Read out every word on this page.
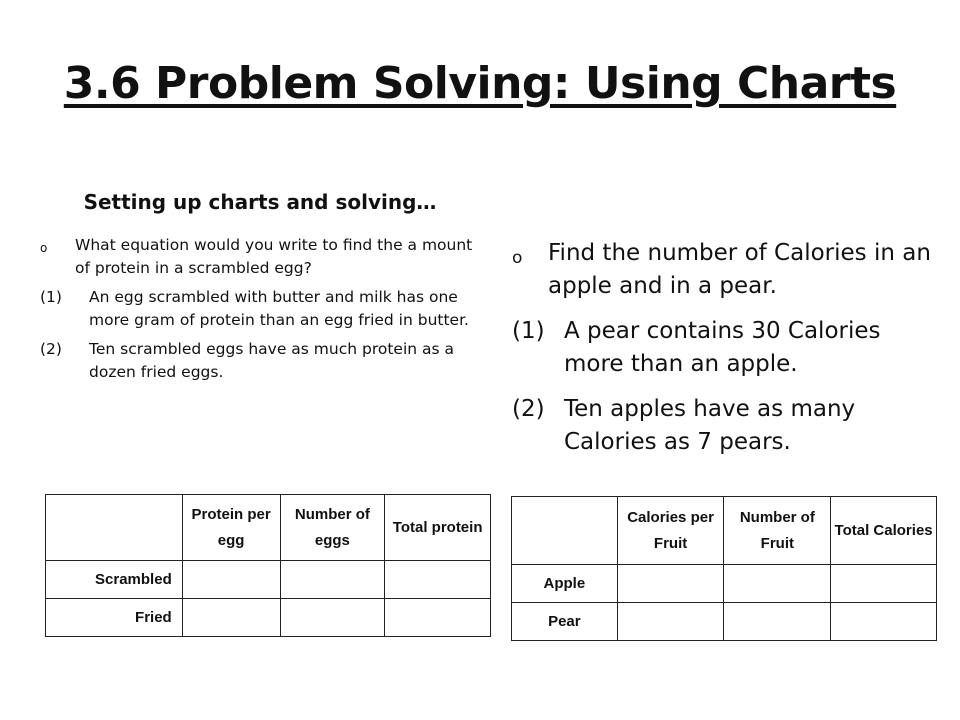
3.6 Problem Solving: Using Charts
Setting up charts and solving…
o	What equation would you write to find the a mount of protein in a scrambled egg?
(1)	An egg scrambled with butter and milk has one more gram of protein than an egg fried in butter.
(2)	Ten scrambled eggs have as much protein as a dozen fried eggs.
o	Find the number of Calories in an apple and in a pear.
(1) A pear contains 30 Calories more than an apple.
(2) Ten apples have as many Calories as 7 pears.
	Protein per egg	Number of eggs	Total protein
Scrambled			
Fried			
	Calories per Fruit	Number of Fruit	Total Calories
Apple			
Pear			
